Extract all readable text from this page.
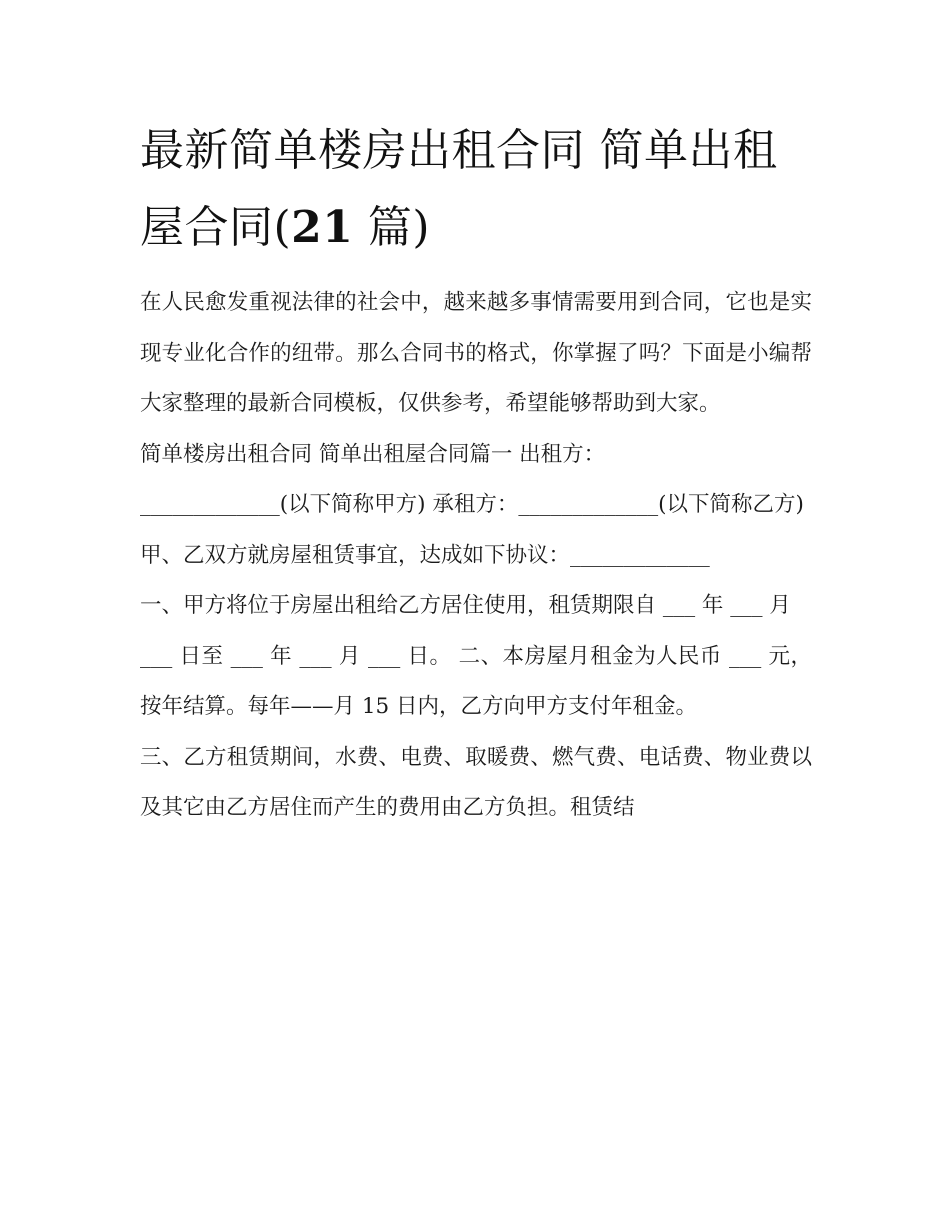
最新简单楼房出租合同 简单出租屋合同(21 篇)

在人民愈发重视法律的社会中，越来越多事情需要用到合同，它也是实现专业化合作的纽带。那么合同书的格式，你掌握了吗？下面是小编帮大家整理的最新合同模板，仅供参考，希望能够帮助到大家。

简单楼房出租合同 简单出租屋合同篇一 出租方：

_____________(以下简称甲方) 承租方：_____________(以下简称乙方)

甲、乙双方就房屋租赁事宜，达成如下协议：_____________

一、甲方将位于房屋出租给乙方居住使用，租赁期限自 ___ 年 ___ 月

___ 日至 ___ 年 ___ 月 ___ 日。 二、本房屋月租金为人民币 ___ 元，按年结算。每年——月 15 日内，乙方向甲方支付年租金。

三、乙方租赁期间，水费、电费、取暖费、燃气费、电话费、物业费以及其它由乙方居住而产生的费用由乙方负担。租赁结
